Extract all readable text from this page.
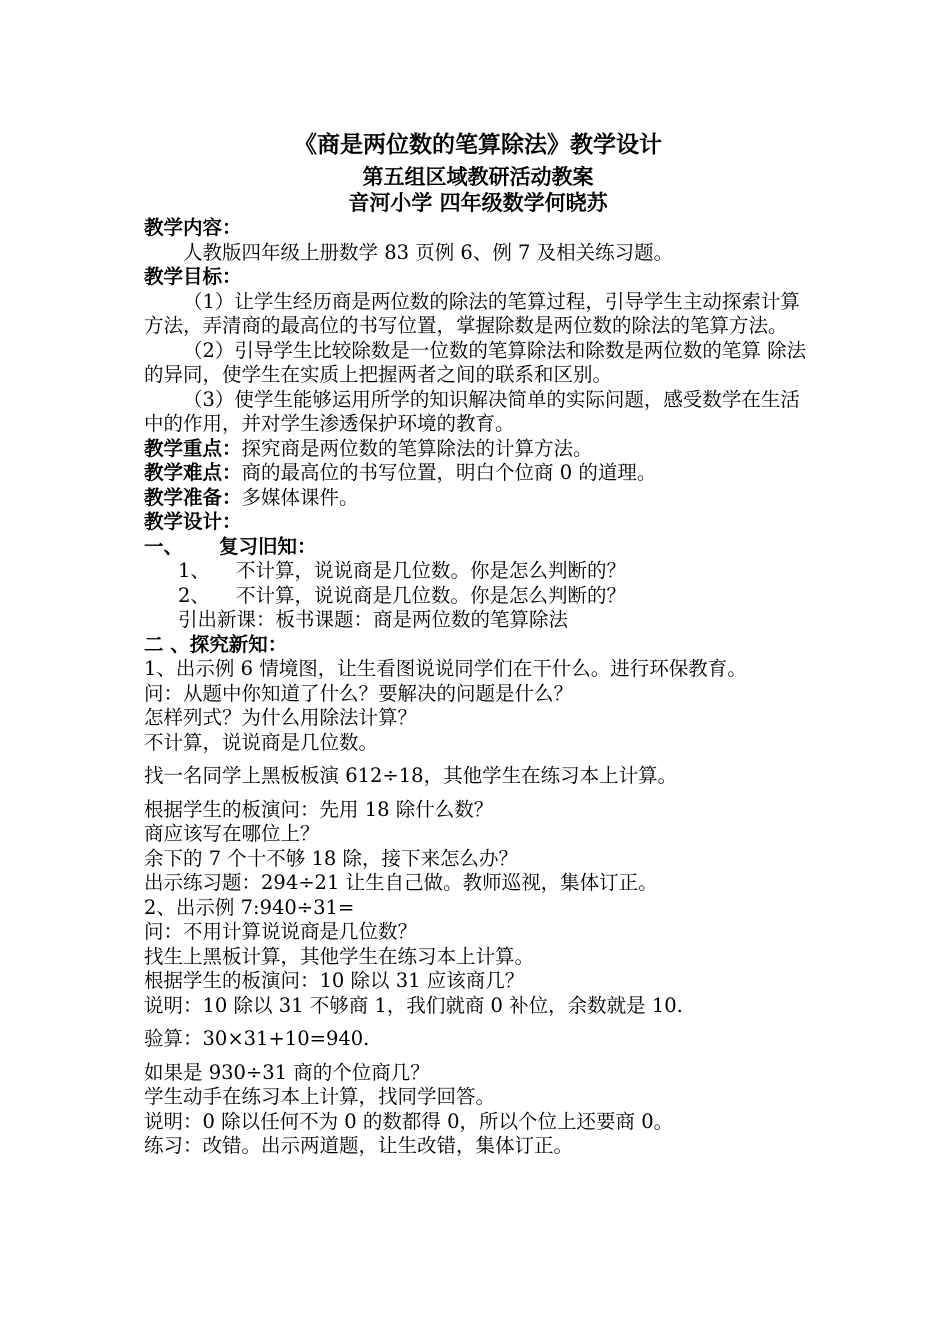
《商是两位数的笔算除法》教学设计
第五组区域教研活动教案
音河小学 四年级数学何晓苏
教学内容：
人教版四年级上册数学 83 页例 6、例 7 及相关练习题。
教学目标：
（1）让学生经历商是两位数的除法的笔算过程，引导学生主动探索计算方法，弄清商的最高位的书写位置，掌握除数是两位数的除法的笔算方法。
（2）引导学生比较除数是一位数的笔算除法和除数是两位数的笔算 除法的异同，使学生在实质上把握两者之间的联系和区别。
（3）使学生能够运用所学的知识解决简单的实际问题，感受数学在生活中的作用，并对学生渗透保护环境的教育。
教学重点：探究商是两位数的笔算除法的计算方法。
教学难点：商的最高位的书写位置，明白个位商 0 的道理。
教学准备：多媒体课件。
教学设计：
一、 复习旧知：
1、	不计算，说说商是几位数。你是怎么判断的？
2、	不计算，说说商是几位数。你是怎么判断的？
引出新课：板书课题：商是两位数的笔算除法
二 、探究新知：
1、出示例 6 情境图，让生看图说说同学们在干什么。进行环保教育。
问：从题中你知道了什么？要解决的问题是什么？
怎样列式？为什么用除法计算？
不计算，说说商是几位数。
找一名同学上黑板板演 612÷18，其他学生在练习本上计算。
根据学生的板演问：先用 18 除什么数？
商应该写在哪位上？
余下的 7 个十不够 18 除，接下来怎么办？
出示练习题：294÷21 让生自己做。教师巡视，集体订正。
2、出示例 7:940÷31=
问：不用计算说说商是几位数？
找生上黑板计算，其他学生在练习本上计算。
根据学生的板演问：10 除以 31 应该商几？
说明：10 除以 31 不够商 1，我们就商 0 补位，余数就是 10.
验算：30×31+10=940.
如果是 930÷31 商的个位商几？
学生动手在练习本上计算，找同学回答。
说明：0 除以任何不为 0 的数都得 0，所以个位上还要商 0。
练习：改错。出示两道题，让生改错，集体订正。
